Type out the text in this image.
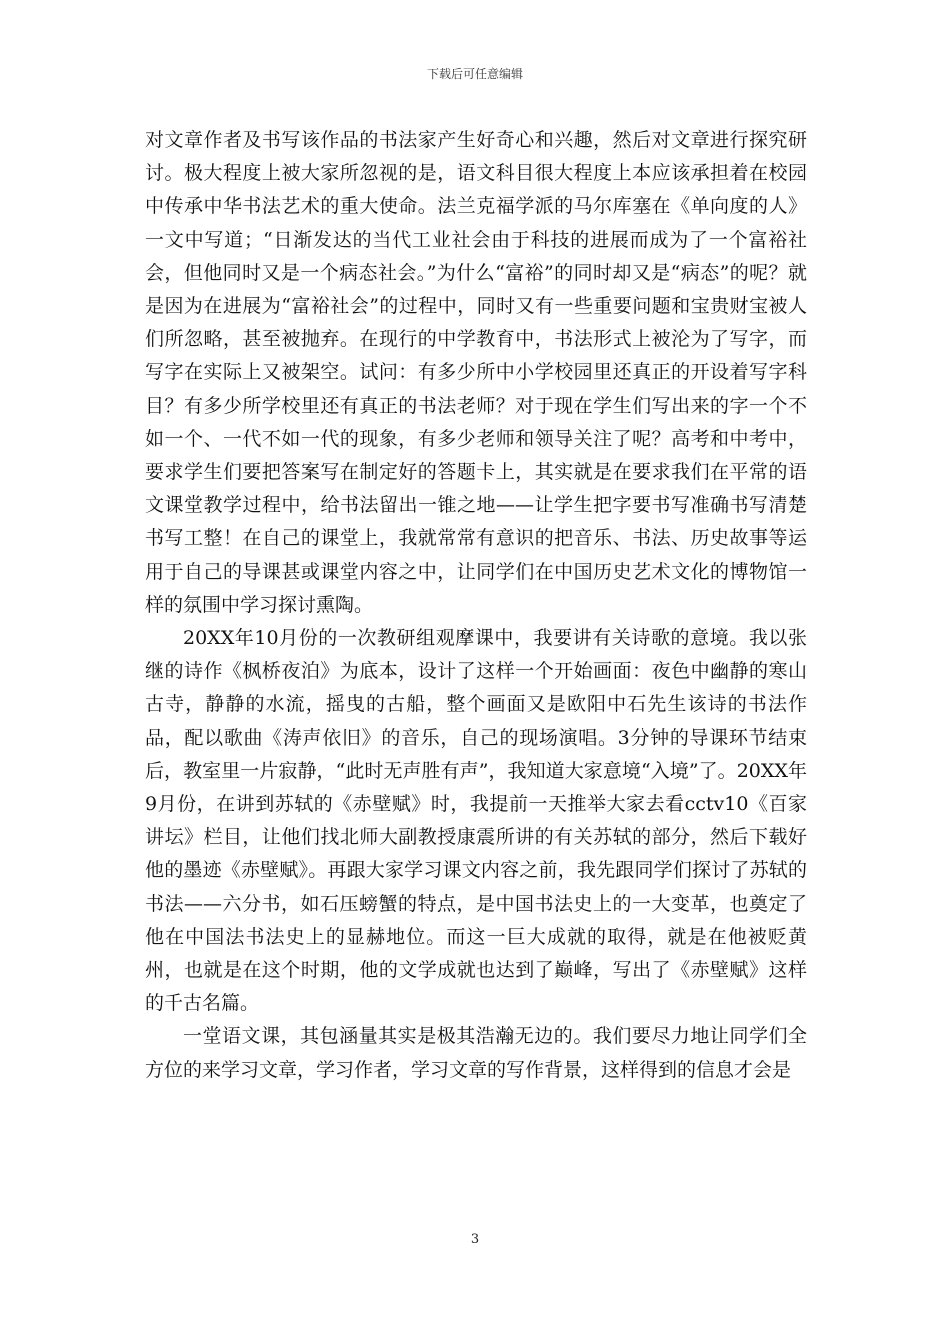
下载后可任意编辑

对文章作者及书写该作品的书法家产生好奇心和兴趣，然后对文章进行探究研讨。极大程度上被大家所忽视的是，语文科目很大程度上本应该承担着在校园中传承中华书法艺术的重大使命。法兰克福学派的马尔库塞在《单向度的人》一文中写道；“日渐发达的当代工业社会由于科技的进展而成为了一个富裕社会，但他同时又是一个病态社会。”为什么“富裕”的同时却又是“病态”的呢？就是因为在进展为“富裕社会”的过程中，同时又有一些重要问题和宝贵财宝被人们所忽略，甚至被抛弃。在现行的中学教育中，书法形式上被沦为了写字，而写字在实际上又被架空。试问：有多少所中小学校园里还真正的开设着写字科目？有多少所学校里还有真正的书法老师？对于现在学生们写出来的字一个不如一个、一代不如一代的现象，有多少老师和领导关注了呢？高考和中考中，要求学生们要把答案写在制定好的答题卡上，其实就是在要求我们在平常的语文课堂教学过程中，给书法留出一锥之地——让学生把字要书写准确书写清楚书写工整！在自己的课堂上，我就常常有意识的把音乐、书法、历史故事等运用于自己的导课甚或课堂内容之中，让同学们在中国历史艺术文化的博物馆一样的氛围中学习探讨熏陶。

20XX年10月份的一次教研组观摩课中，我要讲有关诗歌的意境。我以张继的诗作《枫桥夜泊》为底本，设计了这样一个开始画面：夜色中幽静的寒山古寺，静静的水流，摇曳的古船，整个画面又是欧阳中石先生该诗的书法作品，配以歌曲《涛声依旧》的音乐，自己的现场演唱。3分钟的导课环节结束后，教室里一片寂静，“此时无声胜有声”，我知道大家意境“入境”了。20XX年9月份，在讲到苏轼的《赤壁赋》时，我提前一天推举大家去看cctv10《百家讲坛》栏目，让他们找北师大副教授康震所讲的有关苏轼的部分，然后下载好他的墨迹《赤壁赋》。再跟大家学习课文内容之前，我先跟同学们探讨了苏轼的书法——六分书，如石压螃蟹的特点，是中国书法史上的一大变革，也奠定了他在中国法书法史上的显赫地位。而这一巨大成就的取得，就是在他被贬黄州，也就是在这个时期，他的文学成就也达到了巅峰，写出了《赤壁赋》这样的千古名篇。

一堂语文课，其包涵量其实是极其浩瀚无边的。我们要尽力地让同学们全方位的来学习文章，学习作者，学习文章的写作背景，这样得到的信息才会是

3
